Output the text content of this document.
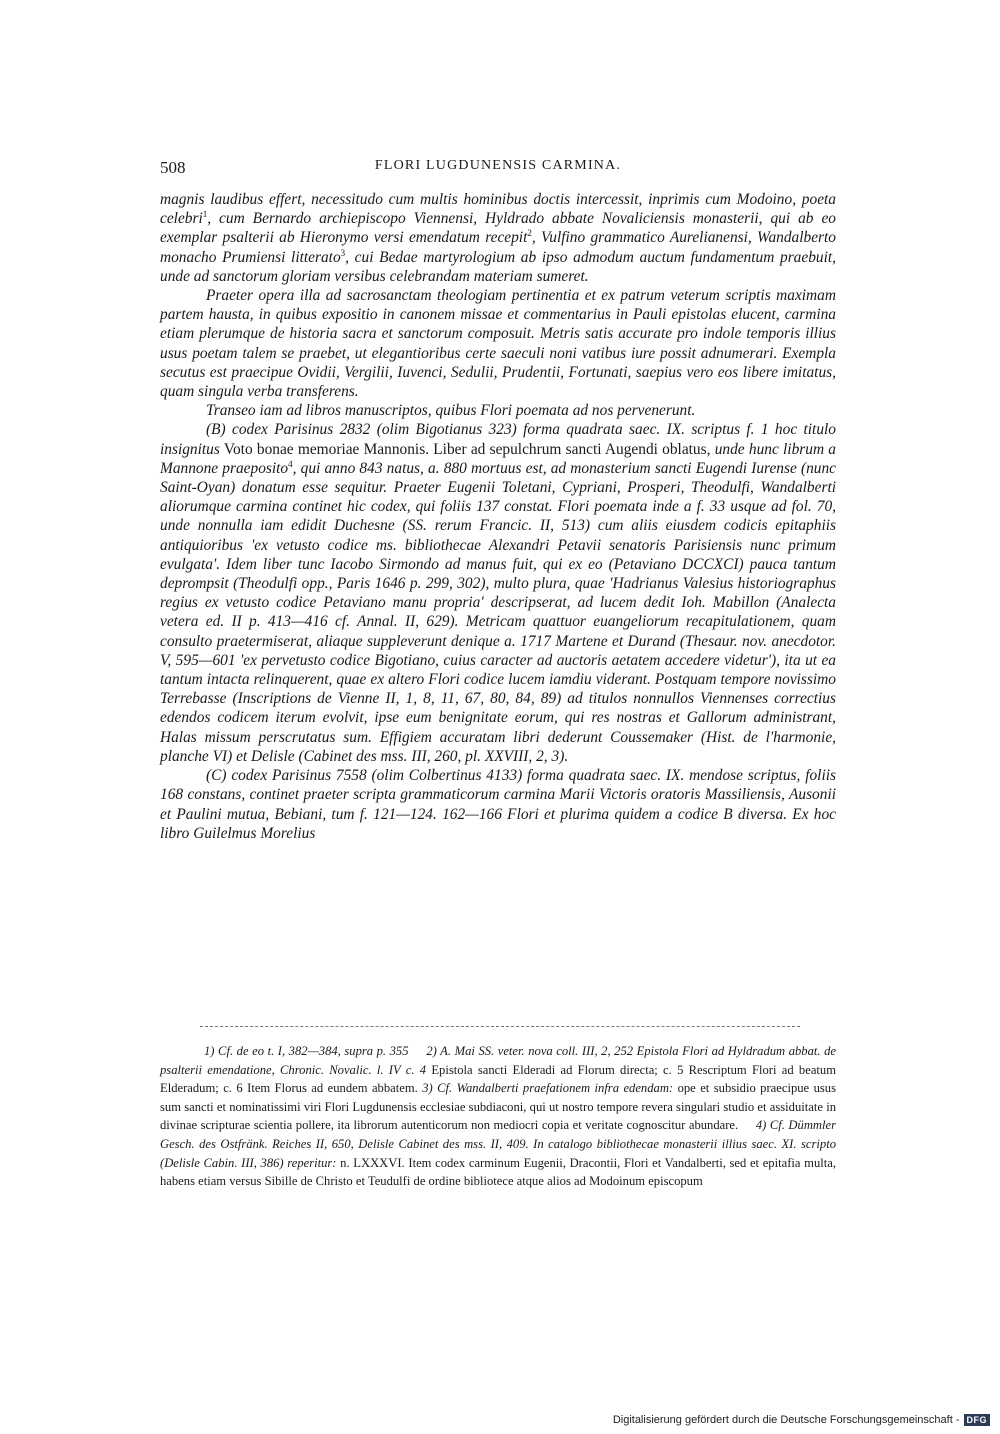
508	FLORI LUGDUNENSIS CARMINA.

magnis laudibus effert, necessitudo cum multis hominibus doctis intercessit, inprimis cum Modoino, poeta celebri$^1$, cum Bernardo archiepiscopo Viennensi, Hyldrado abbate Novaliciensis monasterii, qui ab eo exemplar psalterii ab Hieronymo versi emendatum recepit$^2$, Vulfino grammatico Aurelianensi, Wandalberto monacho Prumiensi litterato$^3$, cui Bedae martyrologium ab ipso admodum auctum fundamentum praebuit, unde ad sanctorum gloriam versibus celebrandam materiam sumeret.

Praeter opera illa ad sacrosanctam theologiam pertinentia et ex patrum veterum scriptis maximam partem hausta, in quibus expositio in canonem missae et commentarius in Pauli epistolas elucent, carmina etiam plerumque de historia sacra et sanctorum composuit. Metris satis accurate pro indole temporis illius usus poetam talem se praebet, ut elegantioribus certe saeculi noni vatibus iure possit adnumerari. Exempla secutus est praecipue Ovidii, Vergilii, Iuvenci, Sedulii, Prudentii, Fortunati, saepius vero eos libere imitatus, quam singula verba transferens.

Transeo iam ad libros manuscriptos, quibus Flori poemata ad nos pervenerunt.

(B) codex Parisinus 2832 (olim Bigotianus 323) forma quadrata saec. IX. scriptus f. 1 hoc titulo insignitus Voto bonae memoriae Mannonis. Liber ad sepulchrum sancti Augendi oblatus, unde hunc librum a Mannone praeposito$^4$, qui anno 843 natus, a. 880 mortuus est, ad monasterium sancti Eugendi Iurense (nunc Saint-Oyan) donatum esse sequitur. Praeter Eugenii Toletani, Cypriani, Prosperi, Theodulfi, Wandalberti aliorumque carmina continet hic codex, qui foliis 137 constat. Flori poemata inde a f. 33 usque ad fol. 70, unde nonnulla iam edidit Duchesne (SS. rerum Francic. II, 513) cum aliis eiusdem codicis epitaphiis antiquioribus 'ex vetusto codice ms. bibliothecae Alexandri Petavii senatoris Parisiensis nunc primum evulgata'. Idem liber tunc Iacobo Sirmondo ad manus fuit, qui ex eo (Petaviano DCCXCI) pauca tantum deprompsit (Theodulfi opp., Paris 1646 p. 299, 302), multo plura, quae 'Hadrianus Valesius historiographus regius ex vetusto codice Petaviano manu propria' descripserat, ad lucem dedit Ioh. Mabillon (Analecta vetera ed. II p. 413—416 cf. Annal. II, 629). Metricam quattuor euangeliorum recapitulationem, quam consulto praetermiserat, aliaque suppleverunt denique a. 1717 Martene et Durand (Thesaur. nov. anecdotor. V, 595—601 'ex pervetusto codice Bigotiano, cuius caracter ad auctoris aetatem accedere videtur'), ita ut ea tantum intacta relinquerent, quae ex altero Flori codice lucem iamdiu viderant. Postquam tempore novissimo Terrebasse (Inscriptions de Vienne II, 1, 8, 11, 67, 80, 84, 89) ad titulos nonnullos Viennenses correctius edendos codicem iterum evolvit, ipse eum benignitate eorum, qui res nostras et Gallorum administrant, Halas missum perscrutatus sum. Effigiem accuratam libri dederunt Coussemaker (Hist. de l'harmonie, planche VI) et Delisle (Cabinet des mss. III, 260, pl. XXVIII, 2, 3).

(C) codex Parisinus 7558 (olim Colbertinus 4133) forma quadrata saec. IX. mendose scriptus, foliis 168 constans, continet praeter scripta grammaticorum carmina Marii Victoris oratoris Massiliensis, Ausonii et Paulini mutua, Bebiani, tum f. 121—124. 162—166 Flori et plurima quidem a codice B diversa. Ex hoc libro Guilelmus Morelius

1) Cf. de eo t. I, 382—384, supra p. 355 2) A. Mai SS. veter. nova coll. III, 2, 252 Epistola Flori ad Hyldradum abbat. de psalterii emendatione, Chronic. Novalic. l. IV c. 4 Epistola sancti Elderadi ad Florum directa; c. 5 Rescriptum Flori ad beatum Elderadum; c. 6 Item Florus ad eundem abbatem. 3) Cf. Wandalberti praefationem infra edendam: ope et subsidio praecipue usus sum sancti et nominatissimi viri Flori Lugdunensis ecclesiae subdiaconi, qui ut nostro tempore revera singulari studio et assiduitate in divinae scripturae scientia pollere, ita librorum autenticorum non mediocri copia et veritate cognoscitur abundare. 4) Cf. Dümmler Gesch. des Ostfränk. Reiches II, 650, Delisle Cabinet des mss. II, 409. In catalogo bibliothecae monasterii illius saec. XI. scripto (Delisle Cabin. III, 386) reperitur: n. LXXXVI. Item codex carminum Eugenii, Dracontii, Flori et Vandalberti, sed et epitafia multa, habens etiam versus Sibille de Christo et Teudulfi de ordine bibliotece atque alios ad Modoinum episcopum

Digitalisierung gefördert durch die Deutsche Forschungsgemeinschaft - DFG
